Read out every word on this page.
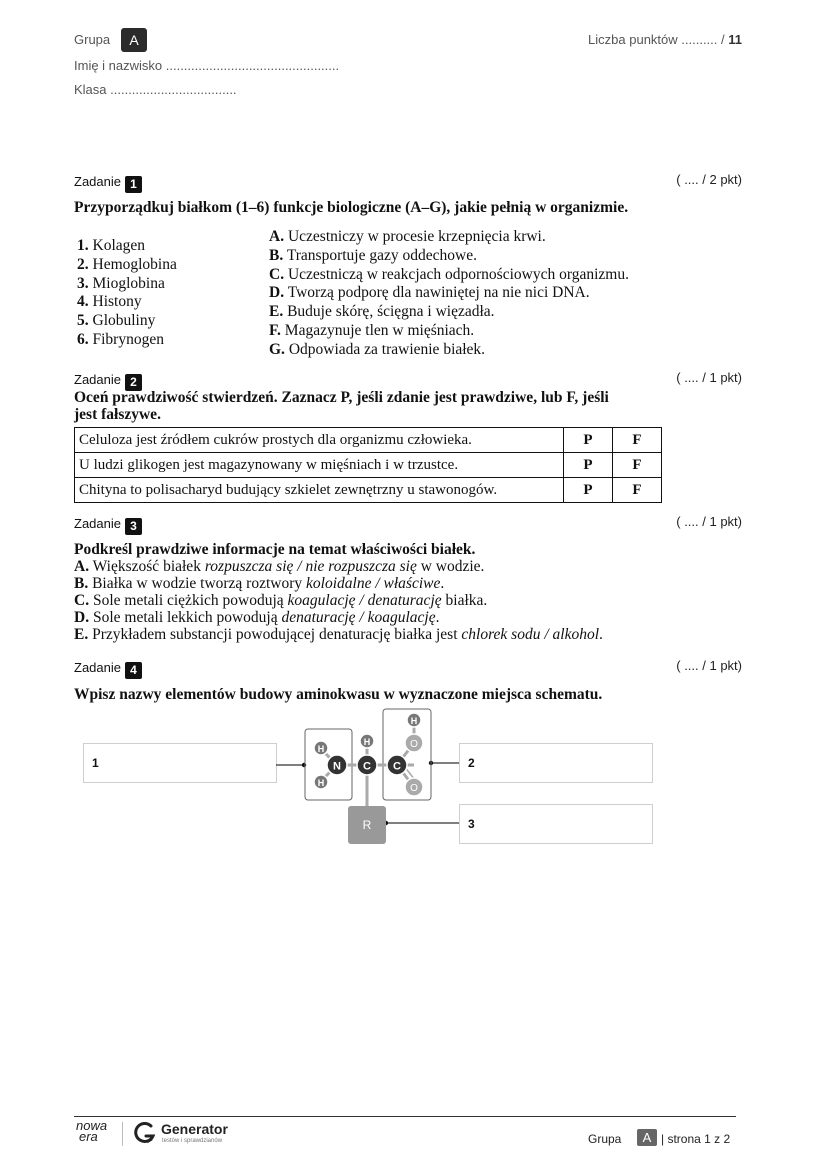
Grupa	A
Imię i nazwisko ................................................
Klasa ...................................
Liczba punktów .......... / 11
Zadanie 1	( .... / 2 pkt)
Przyporządkuj białkom (1–6) funkcje biologiczne (A–G), jakie pełnią w organizmie.
1. Kolagen
2. Hemoglobina
3. Mioglobina
4. Histony
5. Globuliny
6. Fibrynogen
A. Uczestniczy w procesie krzepnięcia krwi.
B. Transportuje gazy oddechowe.
C. Uczestniczą w reakcjach odpornościowych organizmu.
D. Tworzą podporę dla nawiniętej na nie nici DNA.
E. Buduje skórę, ścięgna i więzadła.
F. Magazynuje tlen w mięśniach.
G. Odpowiada za trawienie białek.
Zadanie 2	( .... / 1 pkt)
Oceń prawdziwość stwierdzeń. Zaznacz P, jeśli zdanie jest prawdziwe, lub F, jeśli
jest fałszywe.
Celuloza jest źródłem cukrów prostych dla organizmu człowieka.	P	F
U ludzi glikogen jest magazynowany w mięśniach i w trzustce.	P	F
Chityna to polisacharyd budujący szkielet zewnętrzny u stawonogów.	P	F
Zadanie 3	( .... / 1 pkt)
Podkreśl prawdziwe informacje na temat właściwości białek.
A. Większość białek rozpuszcza się / nie rozpuszcza się w wodzie.
B. Białka w wodzie tworzą roztwory koloidalne / właściwe.
C. Sole metali ciężkich powodują koagulację / denaturację białka.
D. Sole metali lekkich powodują denaturację / koagulację.
E. Przykładem substancji powodującej denaturację białka jest chlorek sodu / alkohol.
Zadanie 4	( .... / 1 pkt)
Wpisz nazwy elementów budowy aminokwasu w wyznaczone miejsca schematu.
1	2
3
R
H
H
N
H
C C
H
O
O
nowa
era	Generator
testów i sprawdzianów	Grupa	A | strona 1 z 2
